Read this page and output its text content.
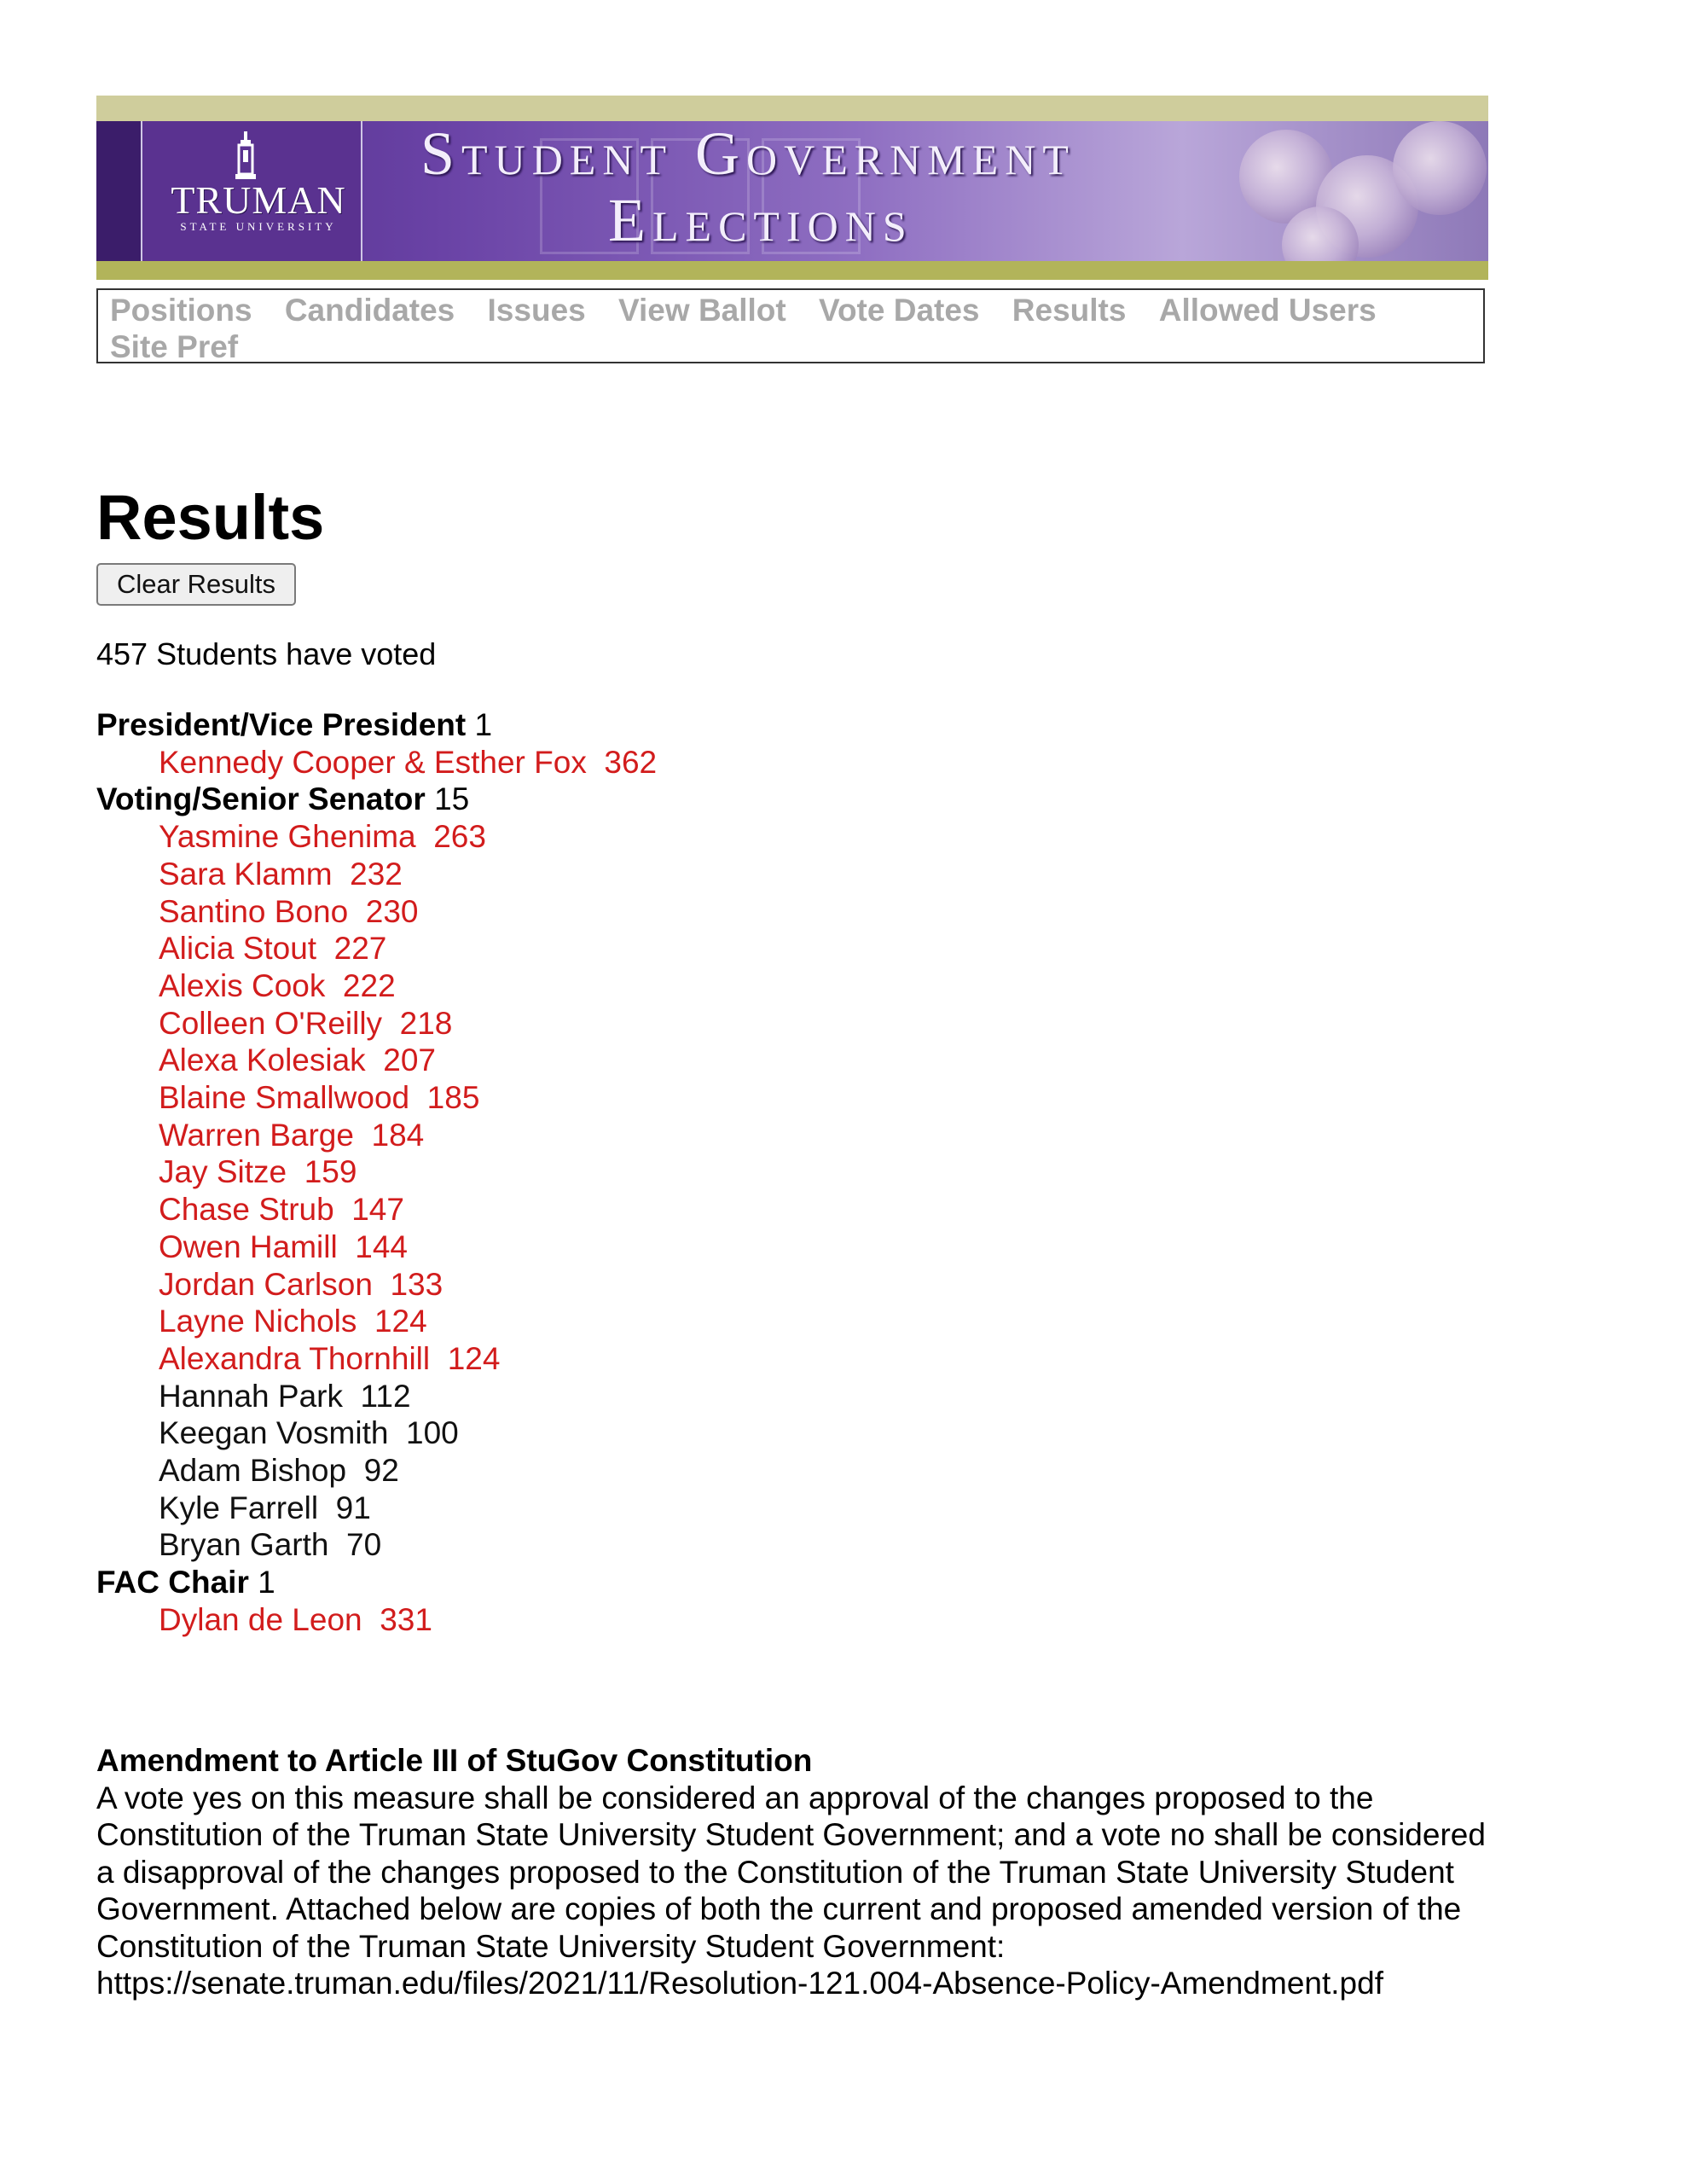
TRUMAN
STATE UNIVERSITY
Student Government
Elections
Positions Candidates Issues View Ballot Vote Dates Results Allowed Users Site Pref
Results
Clear Results
457 Students have voted
President/Vice President 1
Kennedy Cooper & Esther Fox 362
Voting/Senior Senator 15
Yasmine Ghenima 263
Sara Klamm 232
Santino Bono 230
Alicia Stout 227
Alexis Cook 222
Colleen O'Reilly 218
Alexa Kolesiak 207
Blaine Smallwood 185
Warren Barge 184
Jay Sitze 159
Chase Strub 147
Owen Hamill 144
Jordan Carlson 133
Layne Nichols 124
Alexandra Thornhill 124
Hannah Park 112
Keegan Vosmith 100
Adam Bishop 92
Kyle Farrell 91
Bryan Garth 70
FAC Chair 1
Dylan de Leon 331
Amendment to Article III of StuGov Constitution
A vote yes on this measure shall be considered an approval of the changes proposed to the Constitution of the Truman State University Student Government; and a vote no shall be considered a disapproval of the changes proposed to the Constitution of the Truman State University Student Government. Attached below are copies of both the current and proposed amended version of the Constitution of the Truman State University Student Government: https://senate.truman.edu/files/2021/11/Resolution-121.004-Absence-Policy-Amendment.pdf
